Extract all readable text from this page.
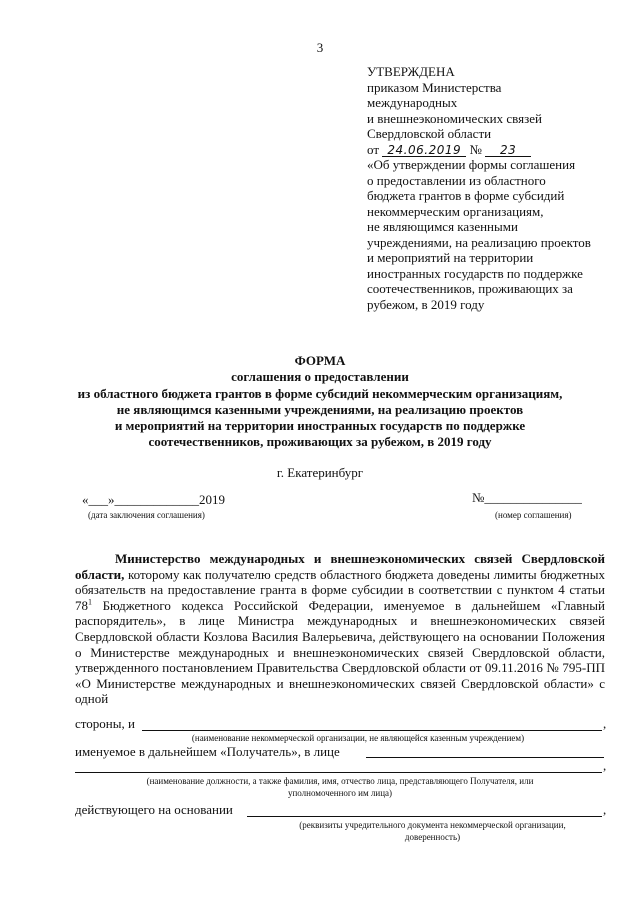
3
УТВЕРЖДЕНА
приказом Министерства
международных
и внешнеэкономических связей
Свердловской области
от 24.06.2019 № 23
«Об утверждении формы соглашения
о предоставлении из областного
бюджета грантов в форме субсидий
некоммерческим организациям,
не являющимся казенными
учреждениями, на реализацию проектов
и мероприятий на территории
иностранных государств по поддержке
соотечественников, проживающих за
рубежом, в 2019 году
ФОРМА
соглашения о предоставлении
из областного бюджета грантов в форме субсидий некоммерческим организациям,
не являющимся казенными учреждениями, на реализацию проектов
и мероприятий на территории иностранных государств по поддержке
соотечественников, проживающих за рубежом, в 2019 году
г. Екатеринбург
«___»_____________2019
(дата заключения соглашения)
№_______________
(номер соглашения)
Министерство международных и внешнеэкономических связей Свердловской области, которому как получателю средств областного бюджета доведены лимиты бюджетных обязательств на предоставление гранта в форме субсидии в соответствии с пунктом 4 статьи $78^1$ Бюджетного кодекса Российской Федерации, именуемое в дальнейшем «Главный распорядитель», в лице Министра международных и внешнеэкономических связей Свердловской области Козлова Василия Валерьевича, действующего на основании Положения о Министерстве международных и внешнеэкономических связей Свердловской области, утвержденного постановлением Правительства Свердловской области от 09.11.2016 № 795-ПП «О Министерстве международных и внешнеэкономических связей Свердловской области» с одной
стороны, и	,
(наименование некоммерческой организации, не являющейся казенным учреждением)
именуемое в дальнейшем «Получатель», в лице
,
(наименование должности, а также фамилия, имя, отчество лица, представляющего Получателя, или
уполномоченного им лица)
действующего на основании	,
(реквизиты учредительного документа некоммерческой организации,
доверенность)
